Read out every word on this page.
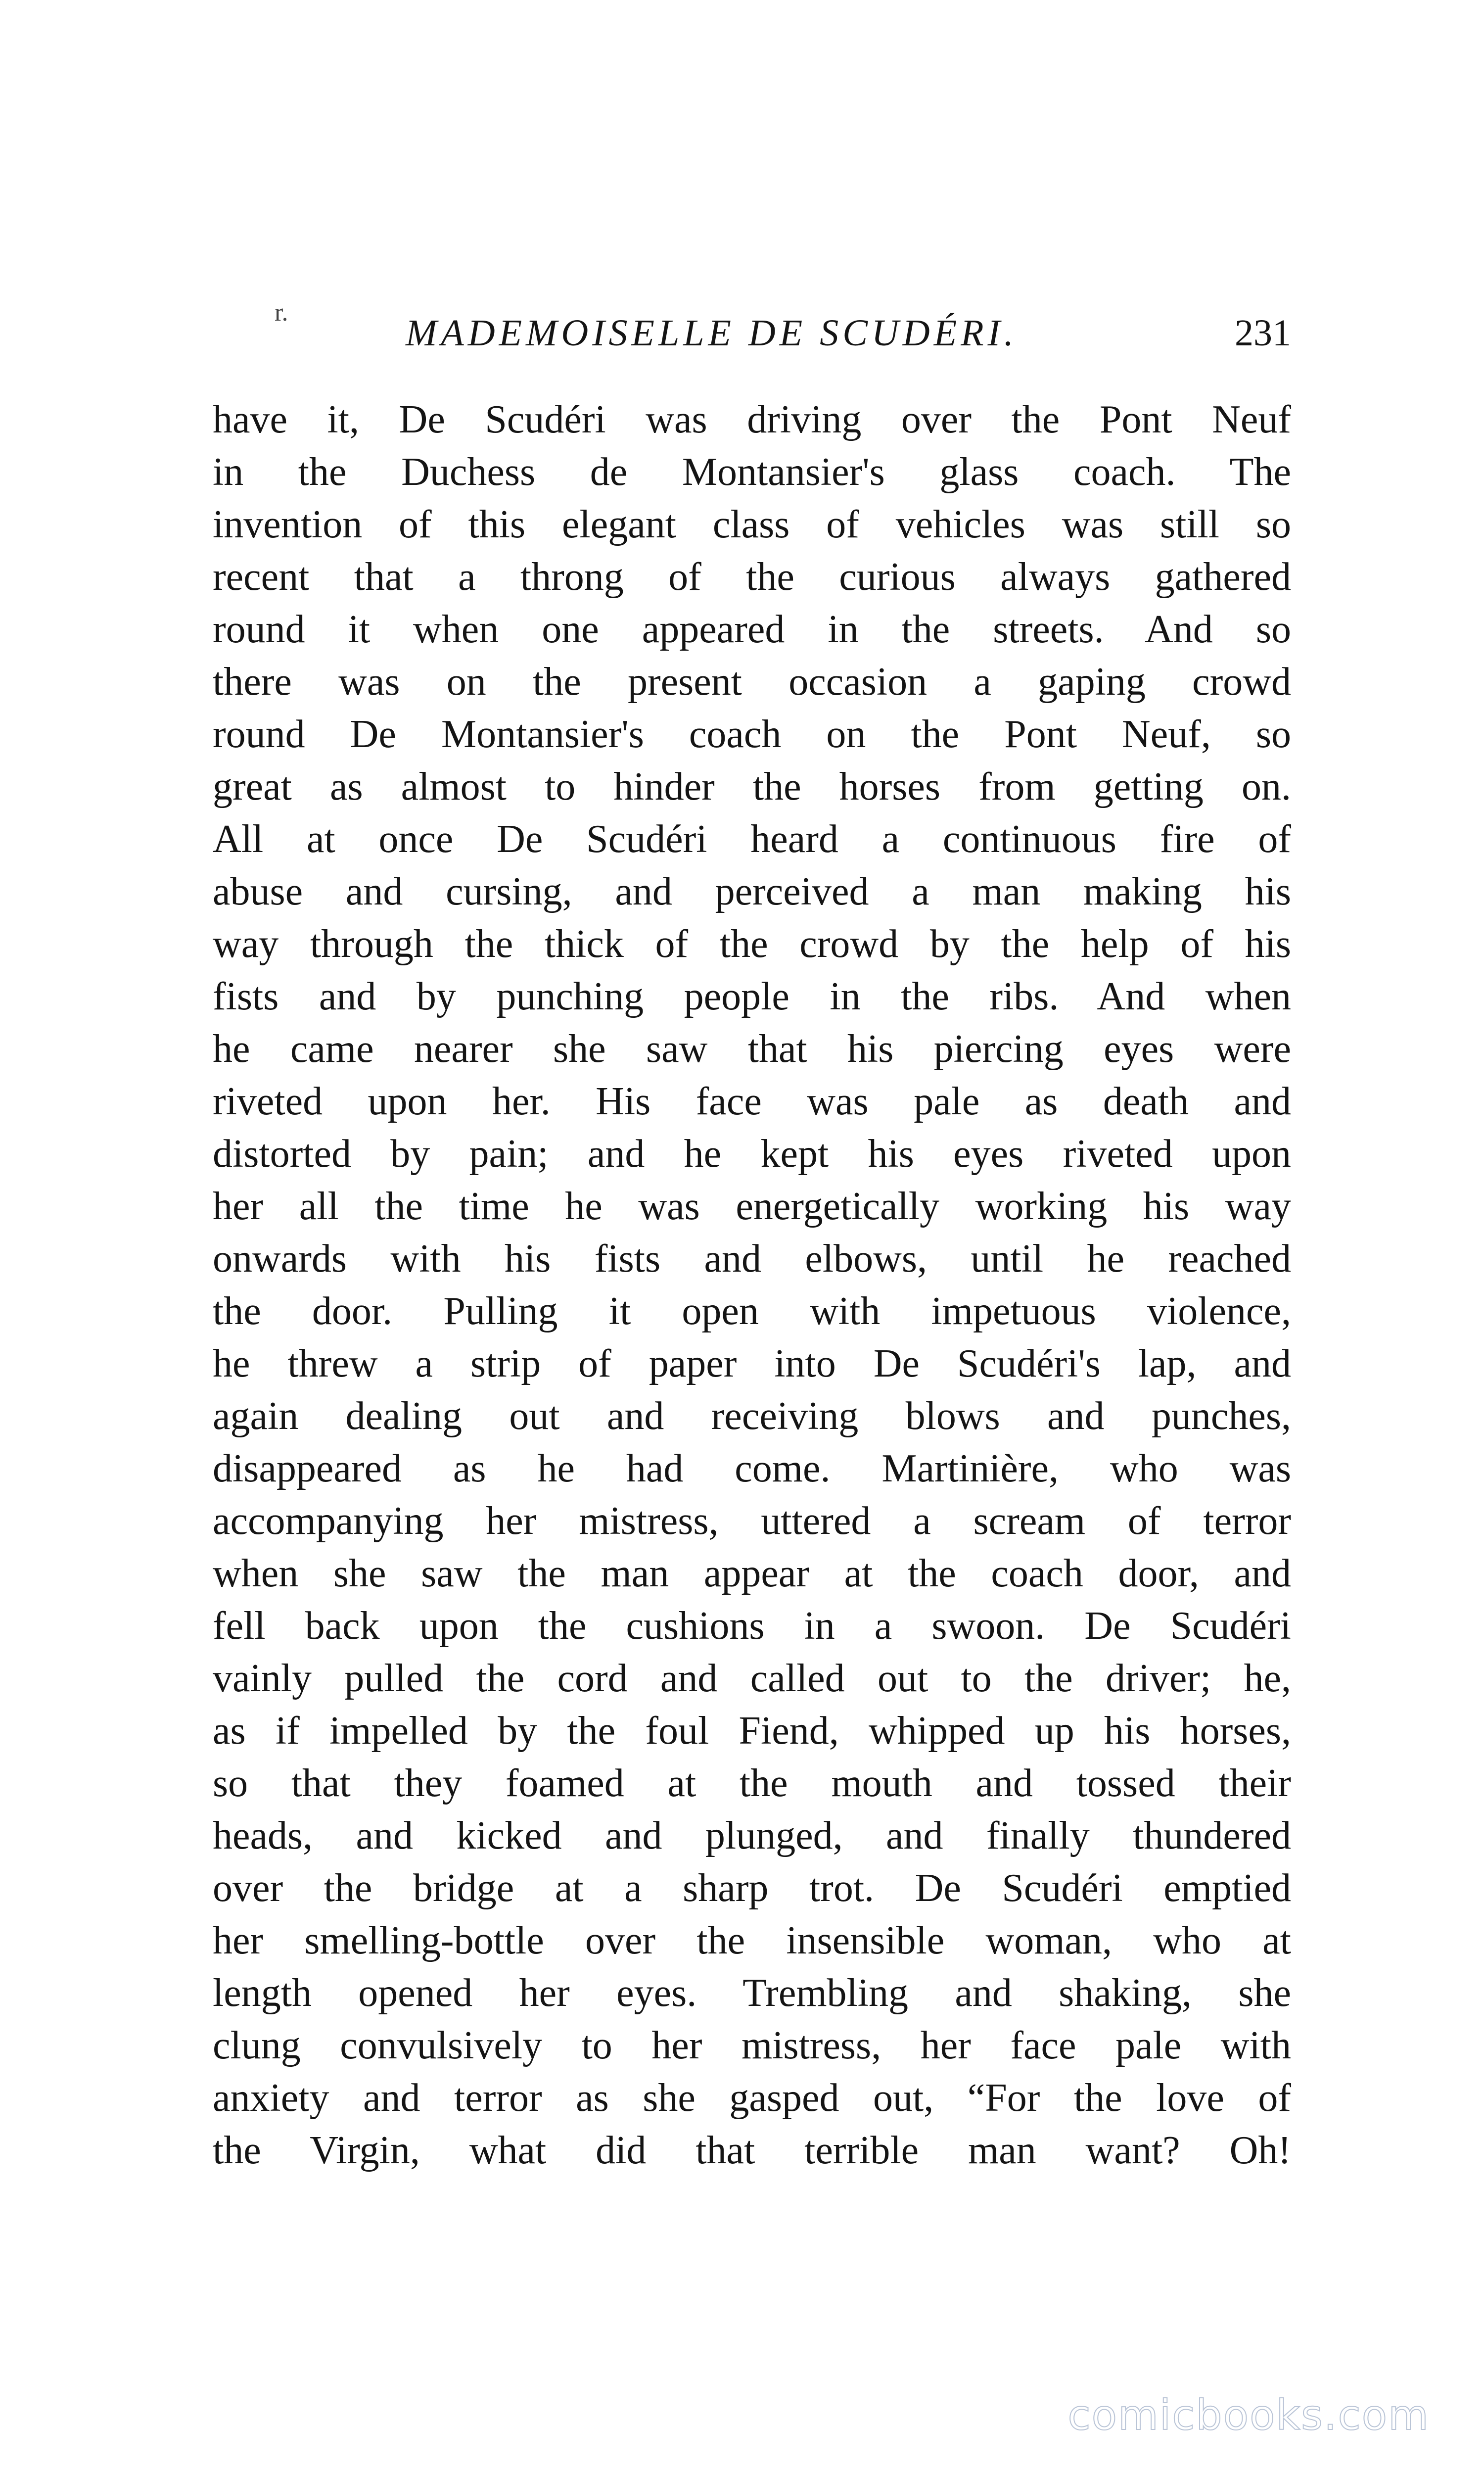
r.	MADEMOISELLE DE SCUDÉRI.	231
have it, De Scudéri was driving over the Pont Neuf
in the Duchess de Montansier's glass coach. The
invention of this elegant class of vehicles was still so
recent that a throng of the curious always gathered
round it when one appeared in the streets. And so
there was on the present occasion a gaping crowd
round De Montansier's coach on the Pont Neuf, so
great as almost to hinder the horses from getting on.
All at once De Scudéri heard a continuous fire of
abuse and cursing, and perceived a man making his
way through the thick of the crowd by the help of his
fists and by punching people in the ribs. And when
he came nearer she saw that his piercing eyes were
riveted upon her. His face was pale as death and
distorted by pain; and he kept his eyes riveted upon
her all the time he was energetically working his way
onwards with his fists and elbows, until he reached
the door. Pulling it open with impetuous violence,
he threw a strip of paper into De Scudéri's lap, and
again dealing out and receiving blows and punches,
disappeared as he had come. Martinière, who was
accompanying her mistress, uttered a scream of terror
when she saw the man appear at the coach door, and
fell back upon the cushions in a swoon. De Scudéri
vainly pulled the cord and called out to the driver; he,
as if impelled by the foul Fiend, whipped up his horses,
so that they foamed at the mouth and tossed their
heads, and kicked and plunged, and finally thundered
over the bridge at a sharp trot. De Scudéri emptied
her smelling-bottle over the insensible woman, who at
length opened her eyes. Trembling and shaking, she
clung convulsively to her mistress, her face pale with
anxiety and terror as she gasped out, “For the love of
the Virgin, what did that terrible man want? Oh!
comicbooks.com
